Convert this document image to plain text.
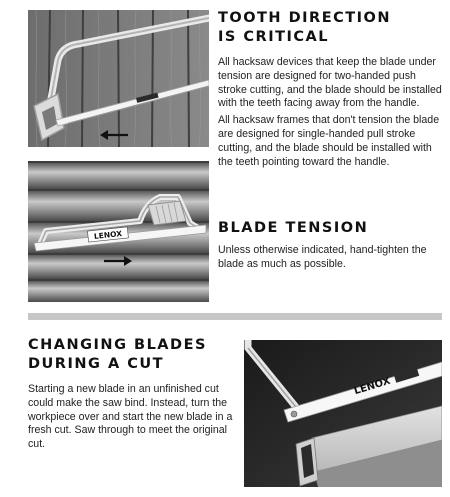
LENOX
TOOTH DIRECTION
IS CRITICAL

All hacksaw devices that keep the blade under tension are designed for two-handed push stroke cutting, and the blade should be installed with the teeth facing away from the handle.

All hacksaw frames that don't tension the blade are designed for single-handed pull stroke cutting, and the blade should be installed with the teeth pointing toward the handle.

BLADE TENSION

Unless otherwise indicated, hand-tighten the blade as much as possible.

CHANGING BLADES
DURING A CUT

Starting a new blade in an unfinished cut could make the saw bind. Instead, turn the workpiece over and start the new blade in a fresh cut. Saw through to meet the original cut.

LENOX
